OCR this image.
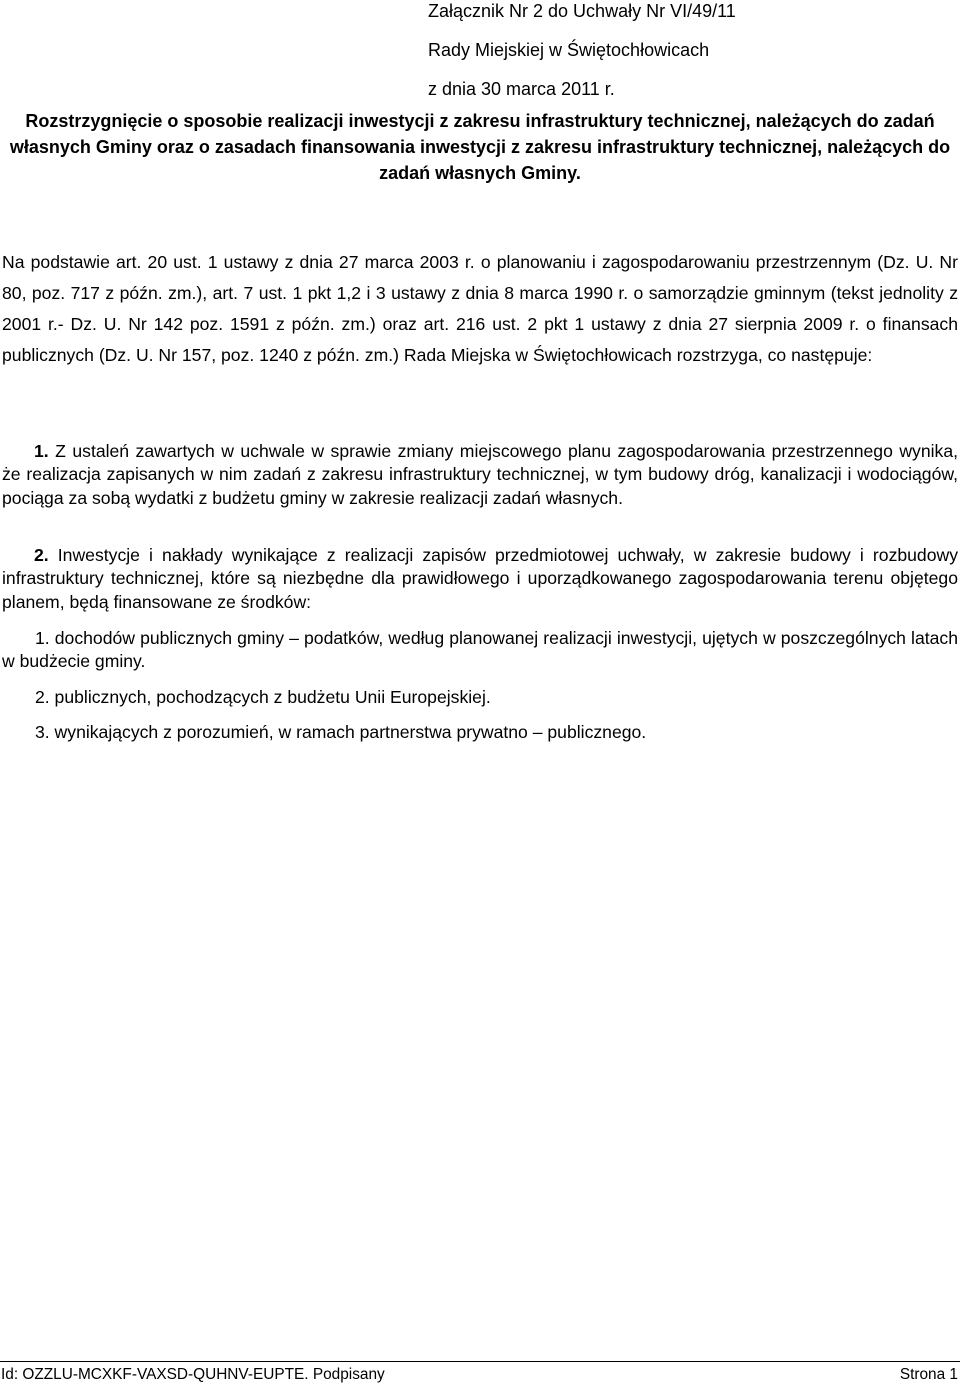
Załącznik Nr 2 do Uchwały Nr VI/49/11
Rady Miejskiej w Świętochłowicach
z dnia 30 marca 2011 r.
Rozstrzygnięcie o sposobie realizacji inwestycji z zakresu infrastruktury technicznej, należących do zadań własnych Gminy oraz o zasadach finansowania inwestycji z zakresu infrastruktury technicznej, należących do zadań własnych Gminy.
Na podstawie art. 20 ust. 1 ustawy z dnia 27 marca 2003 r. o planowaniu i zagospodarowaniu przestrzennym (Dz. U. Nr 80, poz. 717 z późn. zm.), art. 7 ust. 1 pkt 1,2 i 3 ustawy z dnia 8 marca 1990 r. o samorządzie gminnym (tekst jednolity z 2001 r.- Dz. U. Nr 142 poz. 1591 z późn. zm.) oraz art. 216 ust. 2 pkt 1 ustawy z dnia 27 sierpnia 2009 r. o finansach publicznych (Dz. U. Nr 157, poz. 1240 z późn. zm.) Rada Miejska w Świętochłowicach rozstrzyga, co następuje:
1. Z ustaleń zawartych w uchwale w sprawie zmiany miejscowego planu zagospodarowania przestrzennego wynika, że realizacja zapisanych w nim zadań z zakresu infrastruktury technicznej, w tym budowy dróg, kanalizacji i wodociągów, pociąga za sobą wydatki z budżetu gminy w zakresie realizacji zadań własnych.
2. Inwestycje i nakłady wynikające z realizacji zapisów przedmiotowej uchwały, w zakresie budowy i rozbudowy infrastruktury technicznej, które są niezbędne dla prawidłowego i uporządkowanego zagospodarowania terenu objętego planem, będą finansowane ze środków:
1. dochodów publicznych gminy – podatków, według planowanej realizacji inwestycji, ujętych w poszczególnych latach w budżecie gminy.
2. publicznych, pochodzących z budżetu Unii Europejskiej.
3. wynikających z porozumień, w ramach partnerstwa prywatno – publicznego.
Id: OZZLU-MCXKF-VAXSD-QUHNV-EUPTE. Podpisany	Strona 1
